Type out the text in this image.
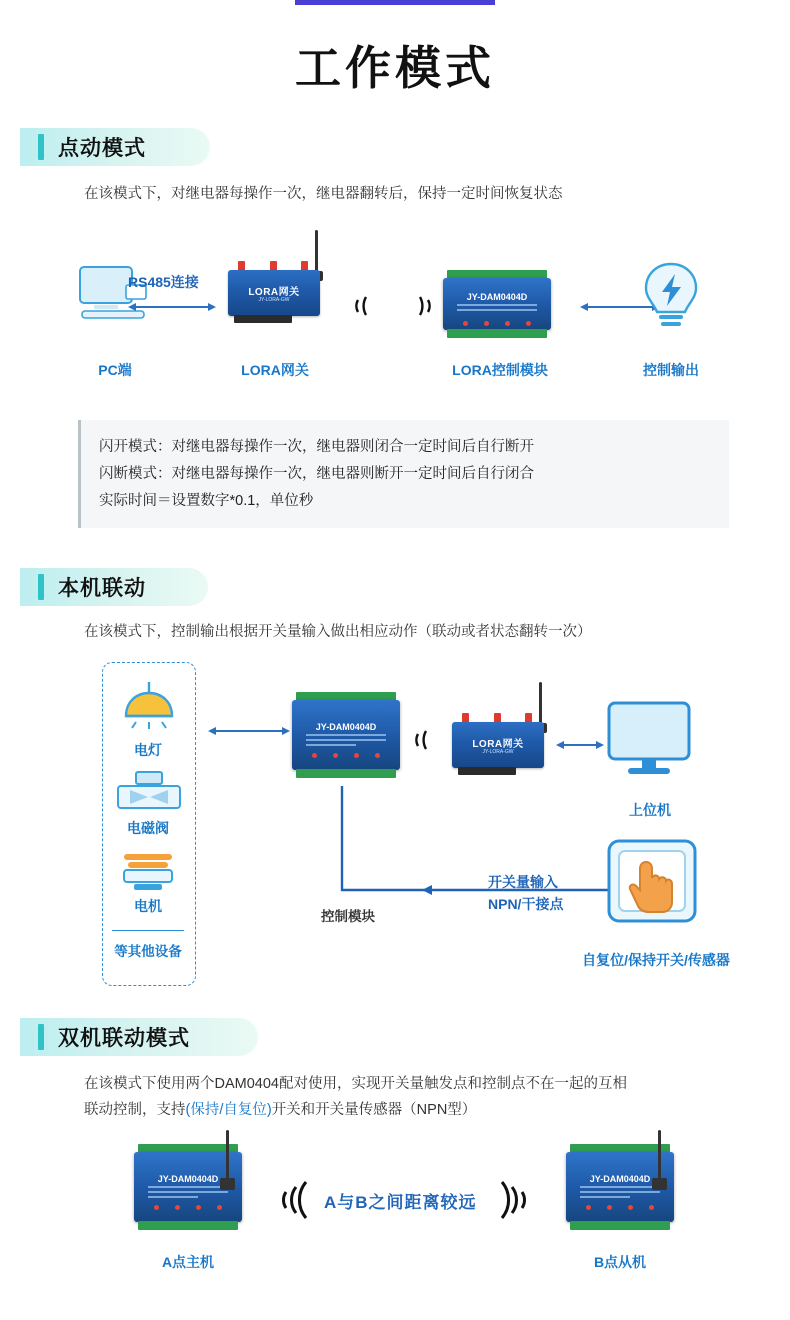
工作模式
点动模式
在该模式下，对继电器每操作一次，继电器翻转后，保持一定时间恢复状态
PC端
RS485连接
LORA网关
JY-LORA-GW
LORA网关
JY-DAM0404D
LORA控制模块	控制输出
闪开模式：对继电器每操作一次，继电器则闭合一定时间后自行断开
闪断模式：对继电器每操作一次，继电器则断开一定时间后自行闭合
实际时间＝设置数字*0.1，单位秒
本机联动
在该模式下，控制输出根据开关量输入做出相应动作（联动或者状态翻转一次）
电灯
电磁阀
电机
等其他设备
JY-DAM0404D
控制模块
LORA网关
JY-LORA-GW
上位机
开关量输入
NPN/干接点
自复位/保持开关/传感器
双机联动模式
在该模式下使用两个DAM0404配对使用，实现开关量触发点和控制点不在一起的互相
联动控制，支持(保持/自复位)开关和开关量传感器（NPN型）
JY-DAM0404D
A点主机
A与B之间距离较远
JY-DAM0404D
B点从机
